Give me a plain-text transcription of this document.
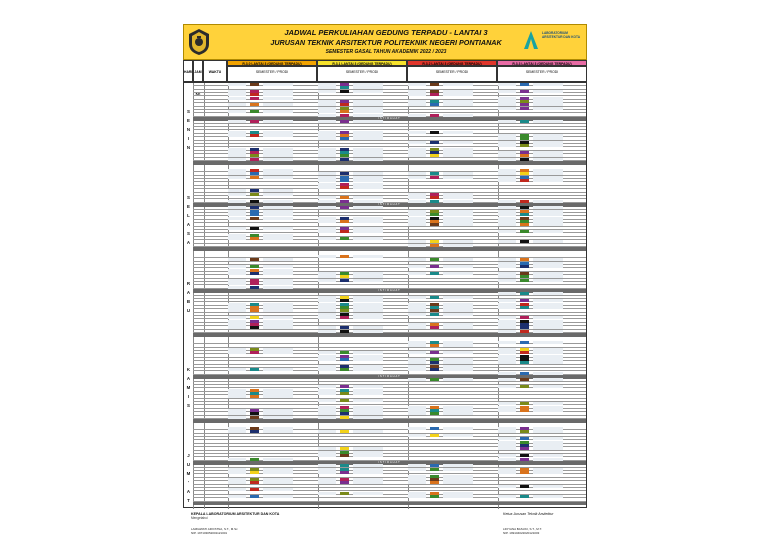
JADWAL PERKULIAHAN GEDUNG TERPADU - LANTAI 3
JURUSAN TEKNIK ARSITEKTUR POLITEKNIK NEGERI PONTIANAK
SEMESTER GASAL TAHUN AKADEMIK 2022 / 2023
LABORATORIUM ARSITEKTUR DAN KOTA
HARI JAM KE
WAKTU
R.3.0 LANTAI 3 (GEDUNG TERPADU)
SEMESTER / PRODI
R.3.1 LANTAI 3 (GEDUNG TERPADU)
SEMESTER / PRODI
R.3.2 LANTAI 3 (GEDUNG TERPADU)
SEMESTER / PRODI
R.3.3 LANTAI 3 (GEDUNG TERPADU)
SEMESTER / PRODI
S
E
N
I
N
ISTIRAHAT
S
E
L
A
S
A
ISTIRAHAT
R
A
B
U
ISTIRAHAT
K
A
M
I
S
ISTIRAHAT
J
U
M
'
A
T
ISTIRAHAT
KEPALA LABORATORIUM ARSITEKTUR DAN KOTA
Mengetahui
Ketua Jurusan Teknik Arsitektur
LAMIAWATI ARIYATNA, S.T., M.Sc
NIP. 197103052001121001
LIFIYANA BASUKI, S.T., M.T.
NIP. 199104022020121003
